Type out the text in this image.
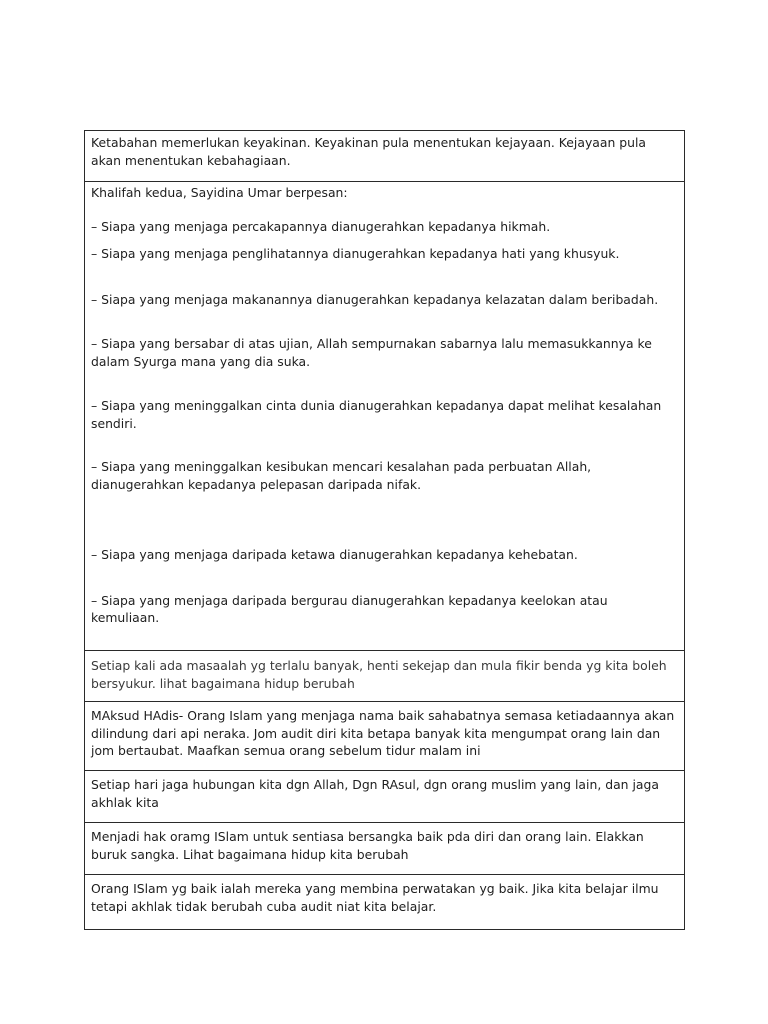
Ketabahan memerlukan keyakinan. Keyakinan pula menentukan kejayaan. Kejayaan pula akan menentukan kebahagiaan.

Khalifah kedua, Sayidina Umar berpesan:

– Siapa yang menjaga percakapannya dianugerahkan kepadanya hikmah.

– Siapa yang menjaga penglihatannya dianugerahkan kepadanya hati yang khusyuk.

– Siapa yang menjaga makanannya dianugerahkan kepadanya kelazatan dalam beribadah.

– Siapa yang bersabar di atas ujian, Allah sempurnakan sabarnya lalu memasukkannya ke dalam Syurga mana yang dia suka.

– Siapa yang meninggalkan cinta dunia dianugerahkan kepadanya dapat melihat kesalahan sendiri.

– Siapa yang meninggalkan kesibukan mencari kesalahan pada perbuatan Allah, dianugerahkan kepadanya pelepasan daripada nifak.

– Siapa yang menjaga daripada ketawa dianugerahkan kepadanya kehebatan.

– Siapa yang menjaga daripada bergurau dianugerahkan kepadanya keelokan atau kemuliaan.

Setiap kali ada masaalah yg terlalu banyak, henti sekejap dan mula fikir benda yg kita boleh bersyukur. lihat bagaimana hidup berubah

MAksud HAdis- Orang Islam yang menjaga nama baik sahabatnya semasa ketiadaannya akan dilindung dari api neraka. Jom audit diri kita betapa banyak kita mengumpat orang lain dan jom bertaubat. Maafkan semua orang sebelum tidur malam ini

Setiap hari jaga hubungan kita dgn Allah, Dgn RAsul, dgn orang muslim yang lain, dan jaga akhlak kita

Menjadi hak oramg ISlam untuk sentiasa bersangka baik pda diri dan orang lain. Elakkan buruk sangka. Lihat bagaimana hidup kita berubah

Orang ISlam yg baik ialah mereka yang membina perwatakan yg baik. Jika kita belajar ilmu tetapi akhlak tidak berubah cuba audit niat kita belajar.
